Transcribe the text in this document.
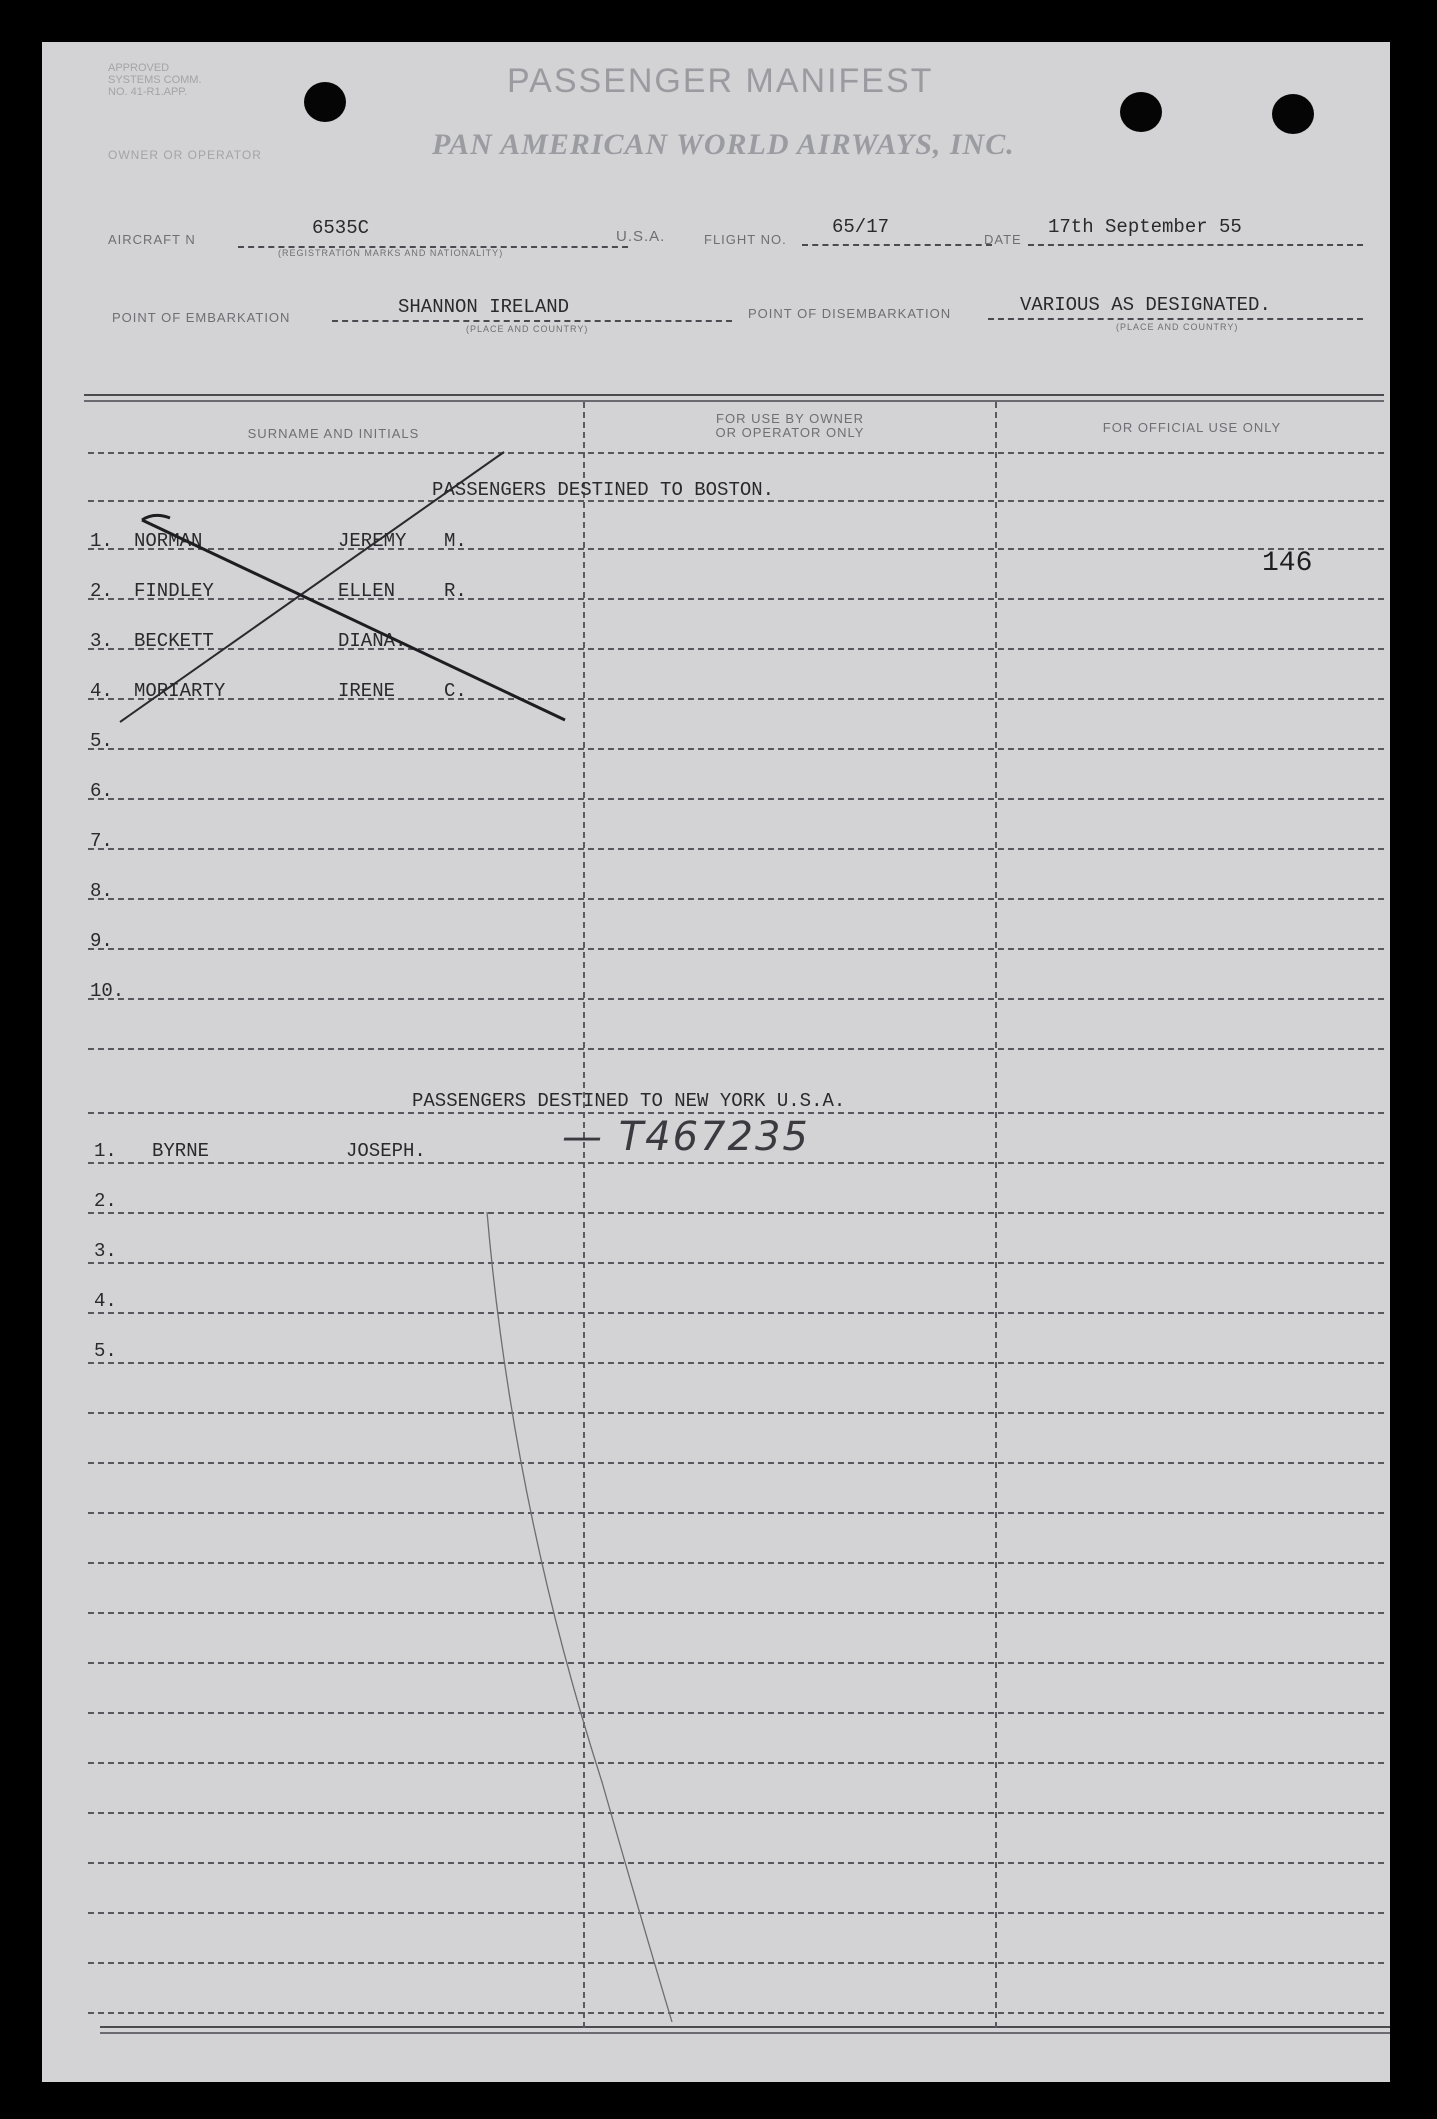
APPROVED
SYSTEMS COMM.
NO. 41-R1.APP.	PASSENGER MANIFEST
OWNER OR OPERATOR	PAN AMERICAN WORLD AIRWAYS, INC.
AIRCRAFT N
6535C
(REGISTRATION MARKS AND NATIONALITY)
U.S.A.	FLIGHT NO.
65/17
DATE
17th September 55
POINT OF EMBARKATION	SHANNON IRELAND
(PLACE AND COUNTRY)
POINT OF DISEMBARKATION	VARIOUS AS DESIGNATED.
(PLACE AND COUNTRY)
SURNAME AND INITIALS
FOR USE BY OWNER
OR OPERATOR ONLY	FOR OFFICIAL USE ONLY
PASSENGERS DESTINED TO BOSTON.
146
1. NORMAN	JEREMY M.
2. FINDLEY	ELLEN	R.
3. BECKETT	DIANA.
4. MORIARTY	IRENE	C.
5.
6.
7.
8.
9.
10.
PASSENGERS DESTINED TO NEW YORK U.S.A.
— T467235
1. BYRNE	JOSEPH.
2.
3.
4.
5.
